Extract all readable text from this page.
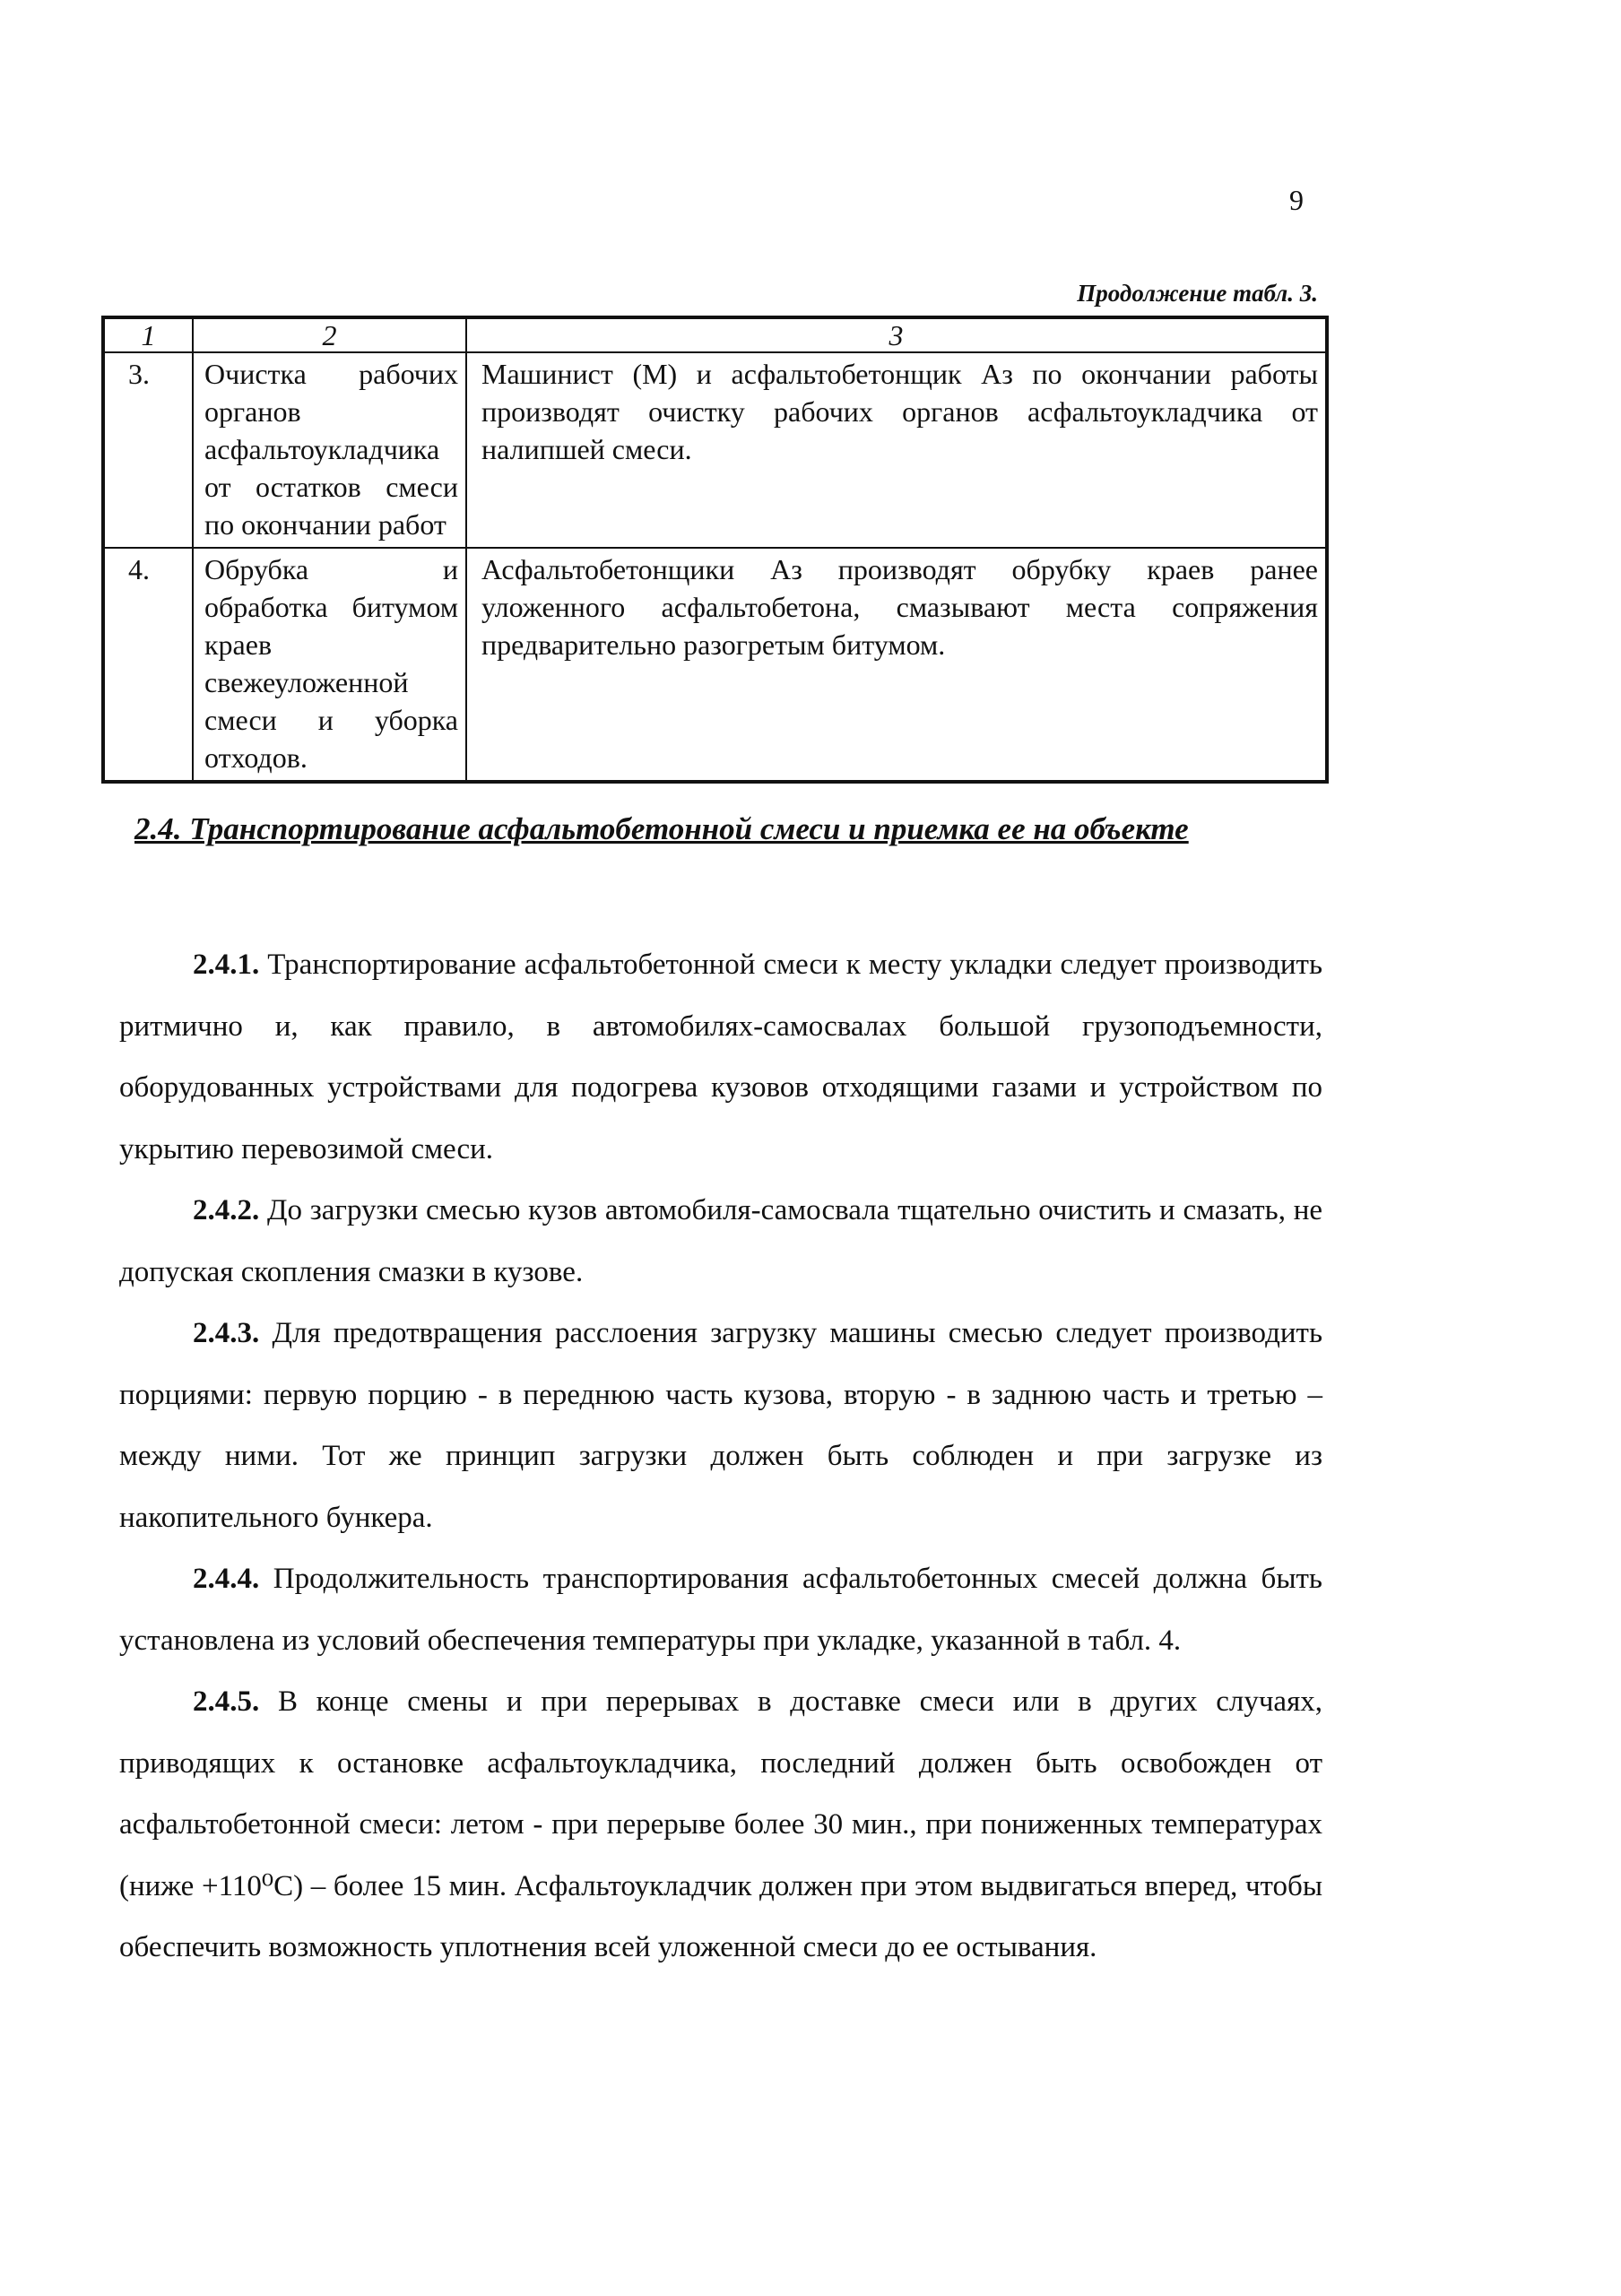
9
Продолжение табл. 3.
1	2	3
3.	Очистка рабочих органов асфальтоукладчика от остатков смеси по окончании работ	Машинист (М) и асфальтобетонщик Аз по окончании работы производят очистку рабочих органов асфальтоукладчика от налипшей смеси.
4.	Обрубка и обработка битумом краев свежеуложенной смеси и уборка отходов.	Асфальтобетонщики Аз производят обрубку краев ранее уложенного асфальтобетона, смазывают места сопряжения предварительно разогретым битумом.
2.4. Транспортирование асфальтобетонной смеси и приемка ее на объекте

2.4.1. Транспортирование асфальтобетонной смеси к месту укладки следует производить ритмично и, как правило, в автомобилях-самосвалах большой грузоподъемности, оборудованных устройствами для подогрева кузовов отходящими газами и устройством по укрытию перевозимой смеси.

2.4.2. До загрузки смесью кузов автомобиля-самосвала тщательно очистить и смазать, не допуская скопления смазки в кузове.

2.4.3. Для предотвращения расслоения загрузку машины смесью следует производить порциями: первую порцию - в переднюю часть кузова, вторую - в заднюю часть и третью – между ними. Тот же принцип загрузки должен быть соблюден и при загрузке из накопительного бункера.

2.4.4. Продолжительность транспортирования асфальтобетонных смесей должна быть установлена из условий обеспечения температуры при укладке, указанной в табл. 4.

2.4.5. В конце смены и при перерывах в доставке смеси или в других случаях, приводящих к остановке асфальтоукладчика, последний должен быть освобожден от асфальтобетонной смеси: летом - при перерыве более 30 мин., при пониженных температурах (ниже +110⁰С) – более 15 мин. Асфальтоукладчик должен при этом выдвигаться вперед, чтобы обеспечить возможность уплотнения всей уложенной смеси до ее остывания.
